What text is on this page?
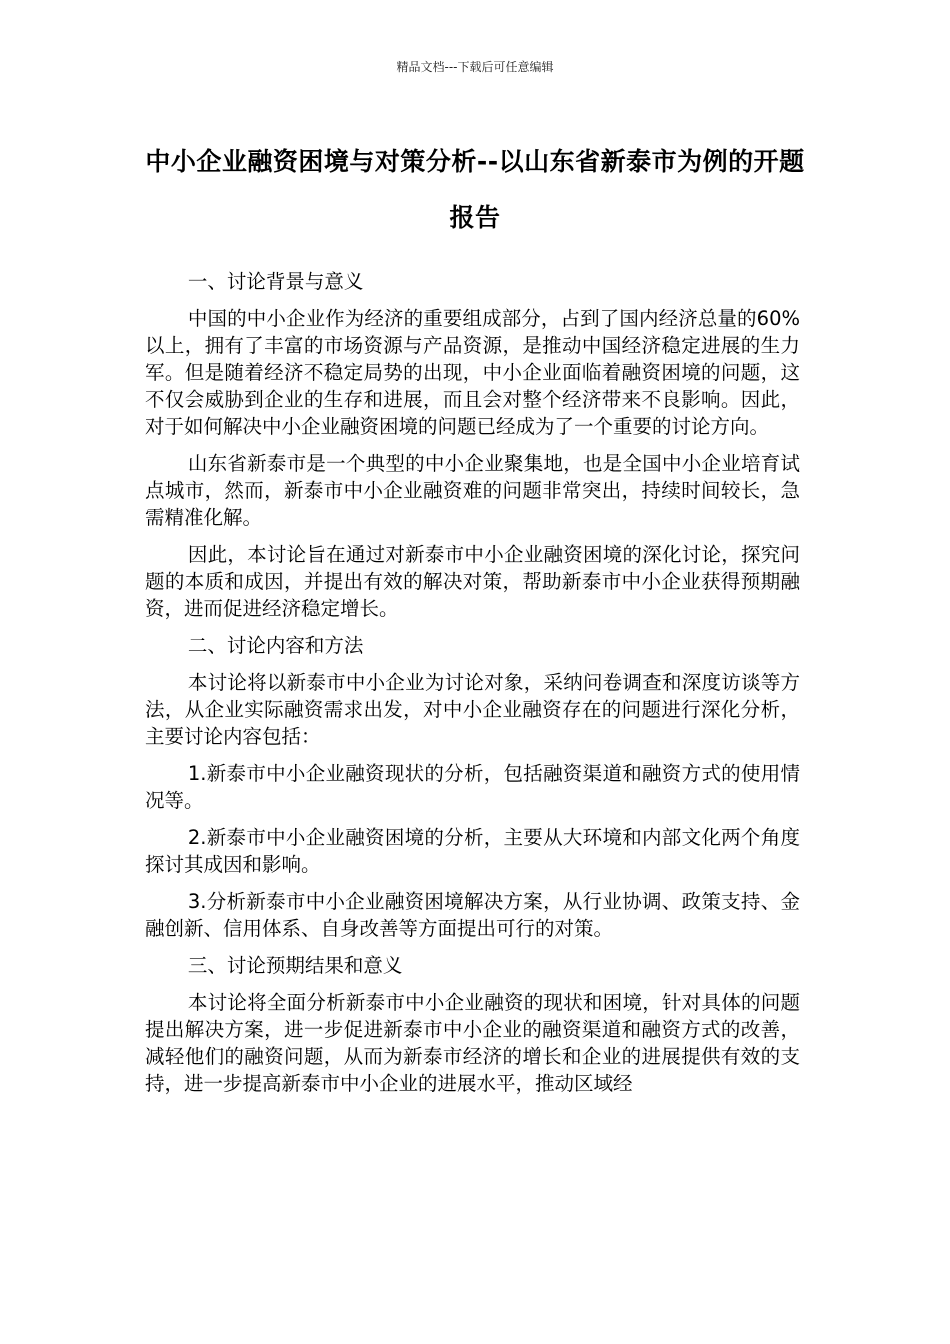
精品文档---下载后可任意编辑
中小企业融资困境与对策分析--以山东省新泰市为例的开题报告

一、讨论背景与意义

中国的中小企业作为经济的重要组成部分，占到了国内经济总量的60%以上，拥有了丰富的市场资源与产品资源，是推动中国经济稳定进展的生力军。但是随着经济不稳定局势的出现，中小企业面临着融资困境的问题，这不仅会威胁到企业的生存和进展，而且会对整个经济带来不良影响。因此，对于如何解决中小企业融资困境的问题已经成为了一个重要的讨论方向。

山东省新泰市是一个典型的中小企业聚集地，也是全国中小企业培育试点城市，然而，新泰市中小企业融资难的问题非常突出，持续时间较长，急需精准化解。

因此，本讨论旨在通过对新泰市中小企业融资困境的深化讨论，探究问题的本质和成因，并提出有效的解决对策，帮助新泰市中小企业获得预期融资，进而促进经济稳定增长。

二、讨论内容和方法

本讨论将以新泰市中小企业为讨论对象，采纳问卷调查和深度访谈等方法，从企业实际融资需求出发，对中小企业融资存在的问题进行深化分析，主要讨论内容包括：

1.新泰市中小企业融资现状的分析，包括融资渠道和融资方式的使用情况等。

2.新泰市中小企业融资困境的分析，主要从大环境和内部文化两个角度探讨其成因和影响。

3.分析新泰市中小企业融资困境解决方案，从行业协调、政策支持、金融创新、信用体系、自身改善等方面提出可行的对策。

三、讨论预期结果和意义

本讨论将全面分析新泰市中小企业融资的现状和困境，针对具体的问题提出解决方案，进一步促进新泰市中小企业的融资渠道和融资方式的改善，减轻他们的融资问题，从而为新泰市经济的增长和企业的进展提供有效的支持，进一步提高新泰市中小企业的进展水平，推动区域经
